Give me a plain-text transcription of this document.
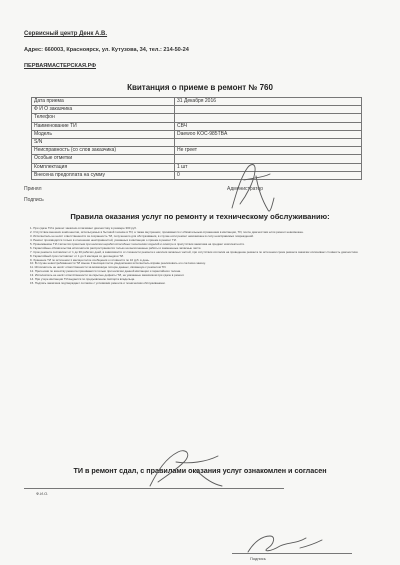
Сервисный центр Денк А.В.
Адрес: 660003, Красноярск, ул. Кутузова, 34, тел.: 214-50-24
ПЕРВАЯМАСТЕРСКАЯ.РФ
Квитанция о приеме в ремонт № 760
Дата приема	31 Декабря 2016
Ф И О заказчика	
Телефон	
Наименование ТИ	СВЧ
Модель	Daewoo KOC-985TBA
S/N	
Неисправность (со слов заказчика)	Не греет
Особые отметки	
Комплектация	1 шт
Внесена предоплата на сумму	0
Принял
Подпись
Администратор
Правила оказания услуг по ремонту и техническому обслуживанию:
1. При сдаче ТИ в ремонт заказчик оплачивает диагностику в размере 300 руб.
2. Отсутствие внешних компонентов, используемых в бытовой технике в ТИ, а также внутренних, принимается с обязательным отражением в квитанции, ТИ, после диагностики если ремонт невозможен.
3. Исполнитель не несёт ответственности за сохранность ТИ, полученного для обслуживания, в случае если ремонт невозможен в силу неисправимых повреждений.
4. Ремонт производится только в отношении неисправностей, указанных в квитанции о приеме в ремонт ТИ.
5. Принимаемое ТИ считается принятым при наличии неработоспособных технических изделий и осмотре в присутствии заказчика на предмет комплектности.
6. Гарантийные обязательства исполнителя распространяются только на выполненные работы и замененные запасные части.
7. Срок ремонта составляет от 1 до 30 рабочих дней, в зависимости от сложности ремонта и наличия запасных частей, при отсутствии согласия на проведение ремонта по истечении срока ремонта заказчик оплачивает стоимость диагностики.
8. Гарантийный срок составляет от 1 до 3 месяцев со дня выдачи ТИ.
9. Хранение ТИ по истечении 1 месяца после сообщения о готовности по 10 руб. в день.
10. В случае невостребованности ТИ свыше 3 месяцев после уведомления исполнитель вправе реализовать его согласно закону.
11. Исполнитель не несёт ответственности за возможную потерю данных, связанную с ремонтом ТИ.
12. Претензии по качеству ремонта принимаются только при наличии данной квитанции и гарантийного талона.
13. Исполнитель не несёт ответственности за скрытые дефекты ТИ, не указанные заказчиком при сдаче в ремонт.
14. При утере квитанции ТИ выдается по предъявлению паспорта владельца.
15. Подпись заказчика подтверждает согласие с условиями ремонта и техническим обслуживанием.
ТИ в ремонт сдал, с правилами оказания услуг ознакомлен и согласен
Ф.И.О.
Подпись
